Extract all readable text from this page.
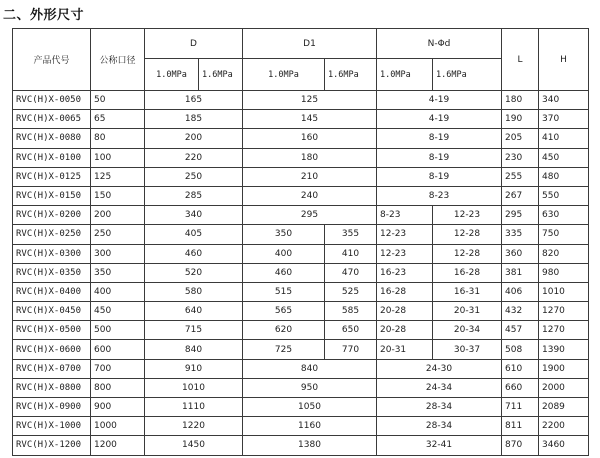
二、外形尺寸
产品代号	公称口径	D		D1		N-Φd		L	H
		1.0MPa	1.6MPa	1.0MPa	1.6MPa	1.0MPa	1.6MPa		
RVC(H)X-0050	50	165		125		4-19		180	340
RVC(H)X-0065	65	185		145		4-19		190	370
RVC(H)X-0080	80	200		160		8-19		205	410
RVC(H)X-0100	100	220		180		8-19		230	450
RVC(H)X-0125	125	250		210		8-19		255	480
RVC(H)X-0150	150	285		240		8-23		267	550
RVC(H)X-0200	200	340		295		8-23	12-23	295	630
RVC(H)X-0250	250	405		350	355	12-23	12-28	335	750
RVC(H)X-0300	300	460		400	410	12-23	12-28	360	820
RVC(H)X-0350	350	520		460	470	16-23	16-28	381	980
RVC(H)X-0400	400	580		515	525	16-28	16-31	406	1010
RVC(H)X-0450	450	640		565	585	20-28	20-31	432	1270
RVC(H)X-0500	500	715		620	650	20-28	20-34	457	1270
RVC(H)X-0600	600	840		725	770	20-31	30-37	508	1390
RVC(H)X-0700	700	910		840		24-30		610	1900
RVC(H)X-0800	800	1010		950		24-34		660	2000
RVC(H)X-0900	900	1110		1050		28-34		711	2089
RVC(H)X-1000	1000	1220		1160		28-34		811	2200
RVC(H)X-1200	1200	1450		1380		32-41		870	3460
